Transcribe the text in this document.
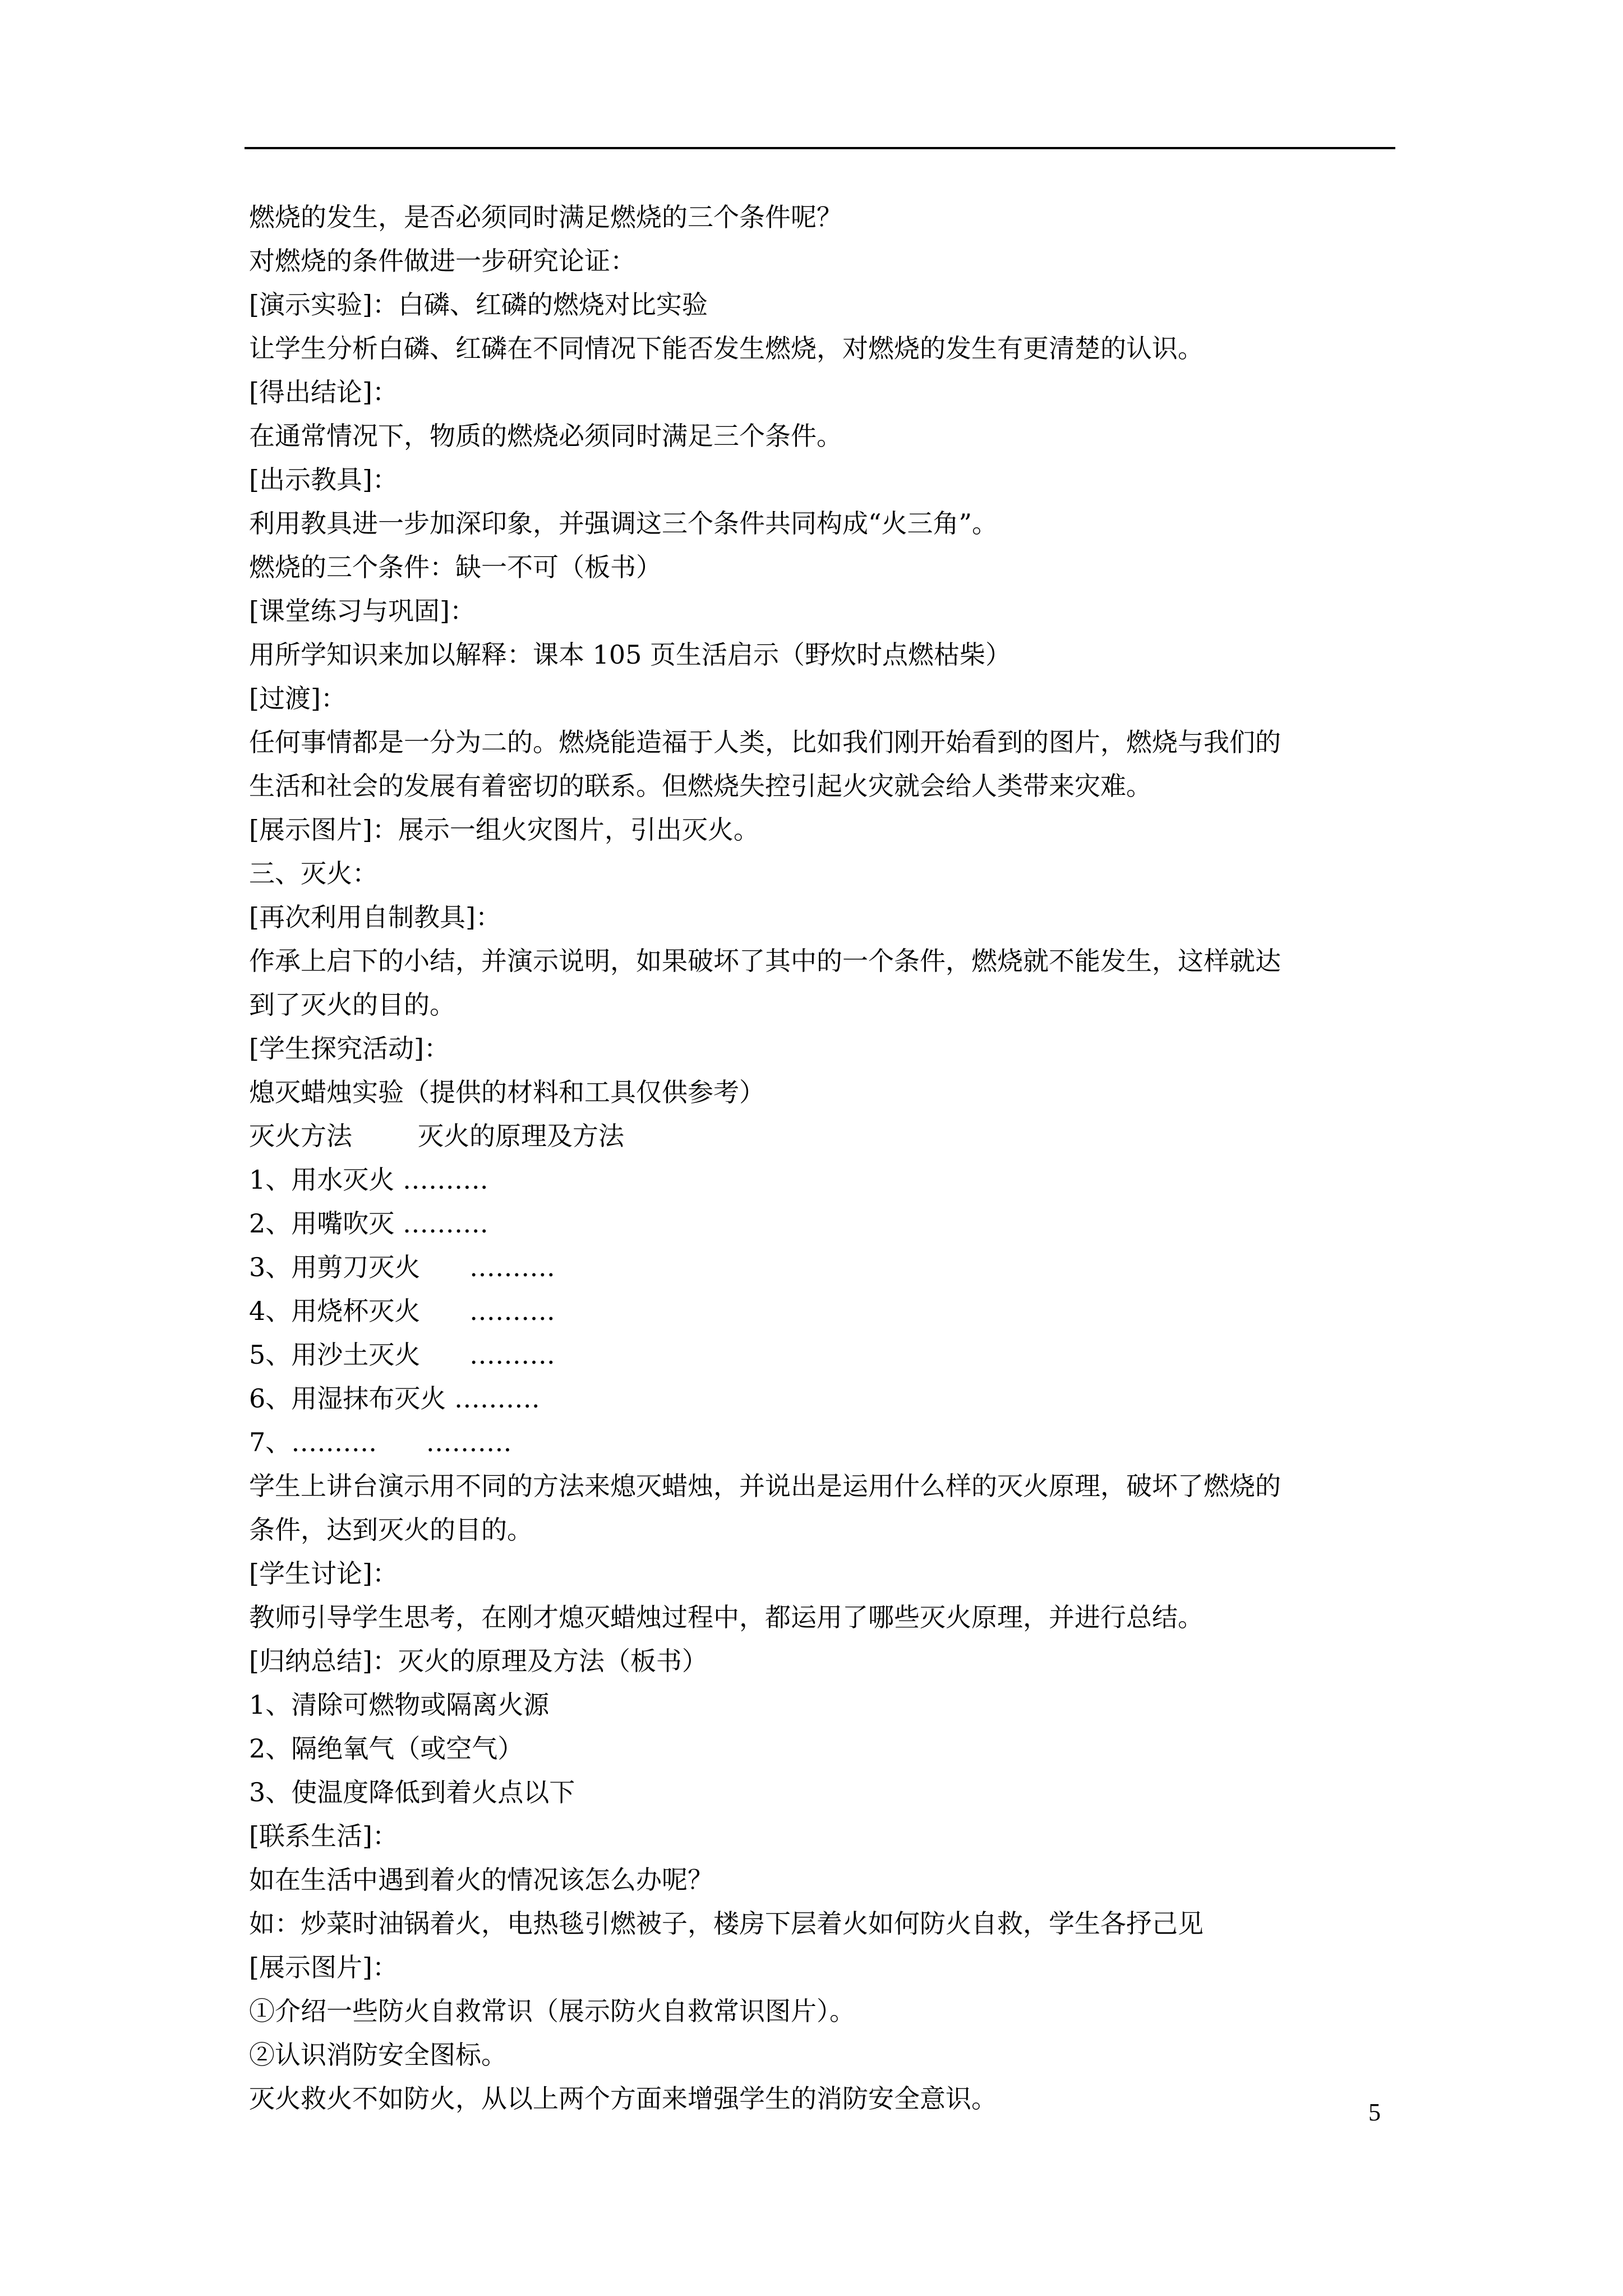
燃烧的发生，是否必须同时满足燃烧的三个条件呢？
对燃烧的条件做进一步研究论证：
[演示实验]：白磷、红磷的燃烧对比实验
让学生分析白磷、红磷在不同情况下能否发生燃烧，对燃烧的发生有更清楚的认识。
[得出结论]：
在通常情况下，物质的燃烧必须同时满足三个条件。
[出示教具]：
利用教具进一步加深印象，并强调这三个条件共同构成“火三角”。
燃烧的三个条件：缺一不可（板书）
[课堂练习与巩固]：
用所学知识来加以解释：课本 105 页生活启示（野炊时点燃枯柴）
[过渡]：
任何事情都是一分为二的。燃烧能造福于人类，比如我们刚开始看到的图片，燃烧与我们的
生活和社会的发展有着密切的联系。但燃烧失控引起火灾就会给人类带来灾难。
[展示图片]：展示一组火灾图片，引出灭火。
三、灭火：
[再次利用自制教具]：
作承上启下的小结，并演示说明，如果破坏了其中的一个条件，燃烧就不能发生，这样就达
到了灭火的目的。
[学生探究活动]：
熄灭蜡烛实验（提供的材料和工具仅供参考）
灭火方法        灭火的原理及方法
1、用水灭火 ……….
2、用嘴吹灭 ……….
3、用剪刀灭火      ……….
4、用烧杯灭火      ……….
5、用沙土灭火      ……….
6、用湿抹布灭火 ……….
7、……….      ……….
学生上讲台演示用不同的方法来熄灭蜡烛，并说出是运用什么样的灭火原理，破坏了燃烧的
条件，达到灭火的目的。
[学生讨论]：
教师引导学生思考，在刚才熄灭蜡烛过程中，都运用了哪些灭火原理，并进行总结。
[归纳总结]：灭火的原理及方法（板书）
1、清除可燃物或隔离火源
2、隔绝氧气（或空气）
3、使温度降低到着火点以下
[联系生活]：
如在生活中遇到着火的情况该怎么办呢？
如：炒菜时油锅着火，电热毯引燃被子，楼房下层着火如何防火自救，学生各抒己见
[展示图片]：
①介绍一些防火自救常识（展示防火自救常识图片）。
②认识消防安全图标。
灭火救火不如防火，从以上两个方面来增强学生的消防安全意识。	5
